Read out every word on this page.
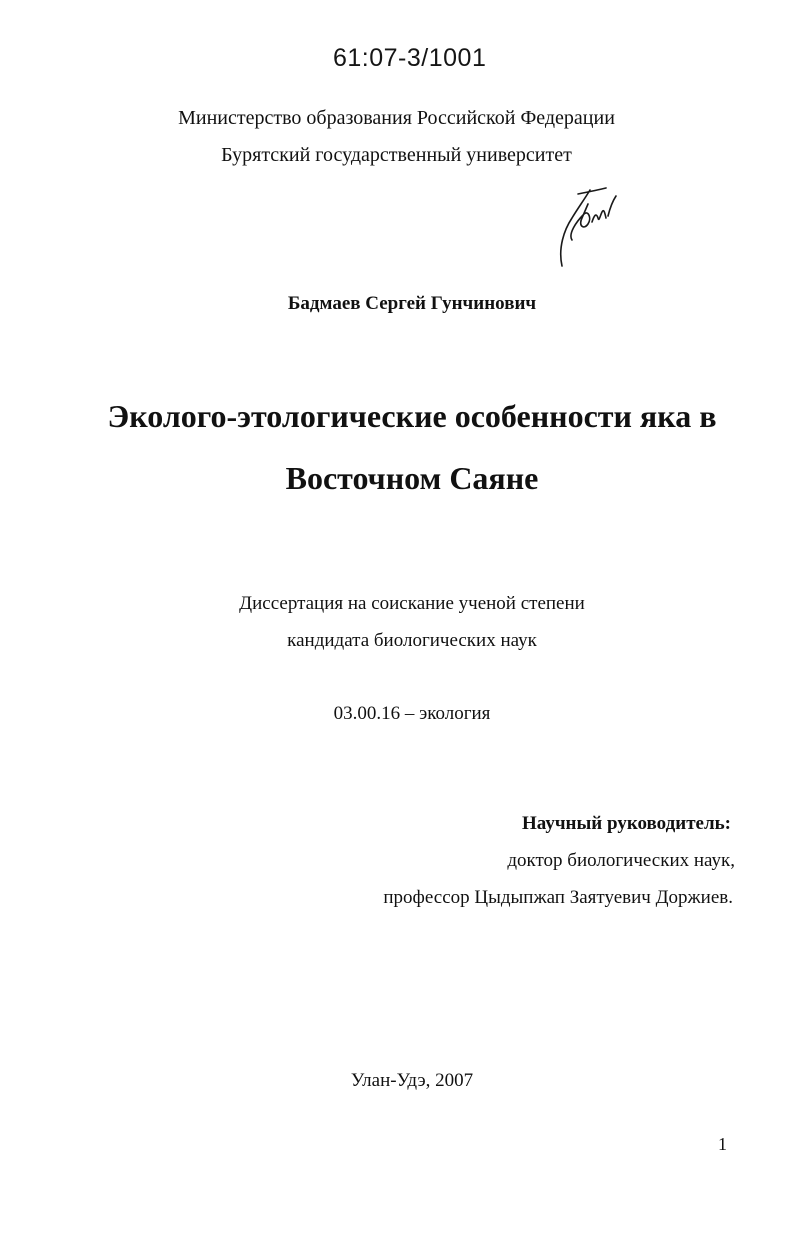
61:07-3/1001
Министерство образования Российской Федерации
Бурятский государственный университет
Бадмаев Сергей Гунчинович
Эколого-этологические особенности яка в
Восточном Саяне
Диссертация на соискание ученой степени
кандидата биологических наук
03.00.16 – экология
Научный руководитель:
доктор биологических наук,
профессор Цыдыпжап Заятуевич Доржиев.
Улан-Удэ, 2007
1
